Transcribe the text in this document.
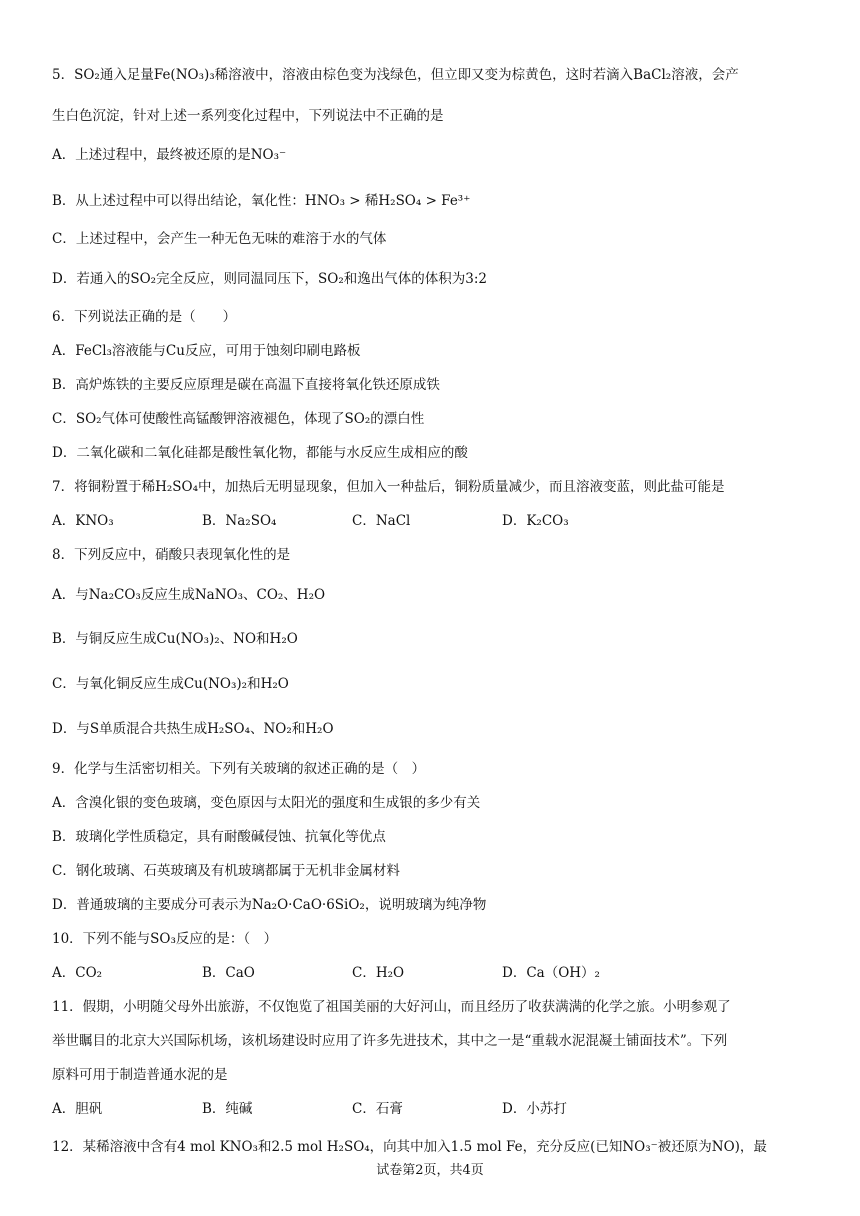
5．SO₂通入足量Fe(NO₃)₃稀溶液中，溶液由棕色变为浅绿色，但立即又变为棕黄色，这时若滴入BaCl₂溶液，会产
生白色沉淀，针对上述一系列变化过程中，下列说法中不正确的是
A．上述过程中，最终被还原的是NO₃⁻
B．从上述过程中可以得出结论，氧化性：HNO₃ > 稀H₂SO₄ > Fe³⁺
C．上述过程中，会产生一种无色无味的难溶于水的气体
D．若通入的SO₂完全反应，则同温同压下，SO₂和逸出气体的体积为3:2
6．下列说法正确的是（　　）
A．FeCl₃溶液能与Cu反应，可用于蚀刻印刷电路板
B．高炉炼铁的主要反应原理是碳在高温下直接将氧化铁还原成铁
C．SO₂气体可使酸性高锰酸钾溶液褪色，体现了SO₂的漂白性
D．二氧化碳和二氧化硅都是酸性氧化物，都能与水反应生成相应的酸
7．将铜粉置于稀H₂SO₄中，加热后无明显现象，但加入一种盐后，铜粉质量减少，而且溶液变蓝，则此盐可能是
A．KNO₃	B．Na₂SO₄	C．NaCl	D．K₂CO₃
8．下列反应中，硝酸只表现氧化性的是
A．与Na₂CO₃反应生成NaNO₃、CO₂、H₂O
B．与铜反应生成Cu(NO₃)₂、NO和H₂O
C．与氧化铜反应生成Cu(NO₃)₂和H₂O
D．与S单质混合共热生成H₂SO₄、NO₂和H₂O
9．化学与生活密切相关。下列有关玻璃的叙述正确的是（　）
A．含溴化银的变色玻璃，变色原因与太阳光的强度和生成银的多少有关
B．玻璃化学性质稳定，具有耐酸碱侵蚀、抗氧化等优点
C．钢化玻璃、石英玻璃及有机玻璃都属于无机非金属材料
D．普通玻璃的主要成分可表示为Na₂O·CaO·6SiO₂，说明玻璃为纯净物
10．下列不能与SO₃反应的是：（　）
A．CO₂	B．CaO	C．H₂O	D．Ca（OH）₂
11．假期，小明随父母外出旅游，不仅饱览了祖国美丽的大好河山，而且经历了收获满满的化学之旅。小明参观了
举世瞩目的北京大兴国际机场，该机场建设时应用了许多先进技术，其中之一是“重载水泥混凝土铺面技术”。下列
原料可用于制造普通水泥的是
A．胆矾	B．纯碱	C．石膏	D．小苏打
12．某稀溶液中含有4 mol KNO₃和2.5 mol H₂SO₄，向其中加入1.5 mol Fe，充分反应(已知NO₃⁻被还原为NO)，最
试卷第2页，共4页
